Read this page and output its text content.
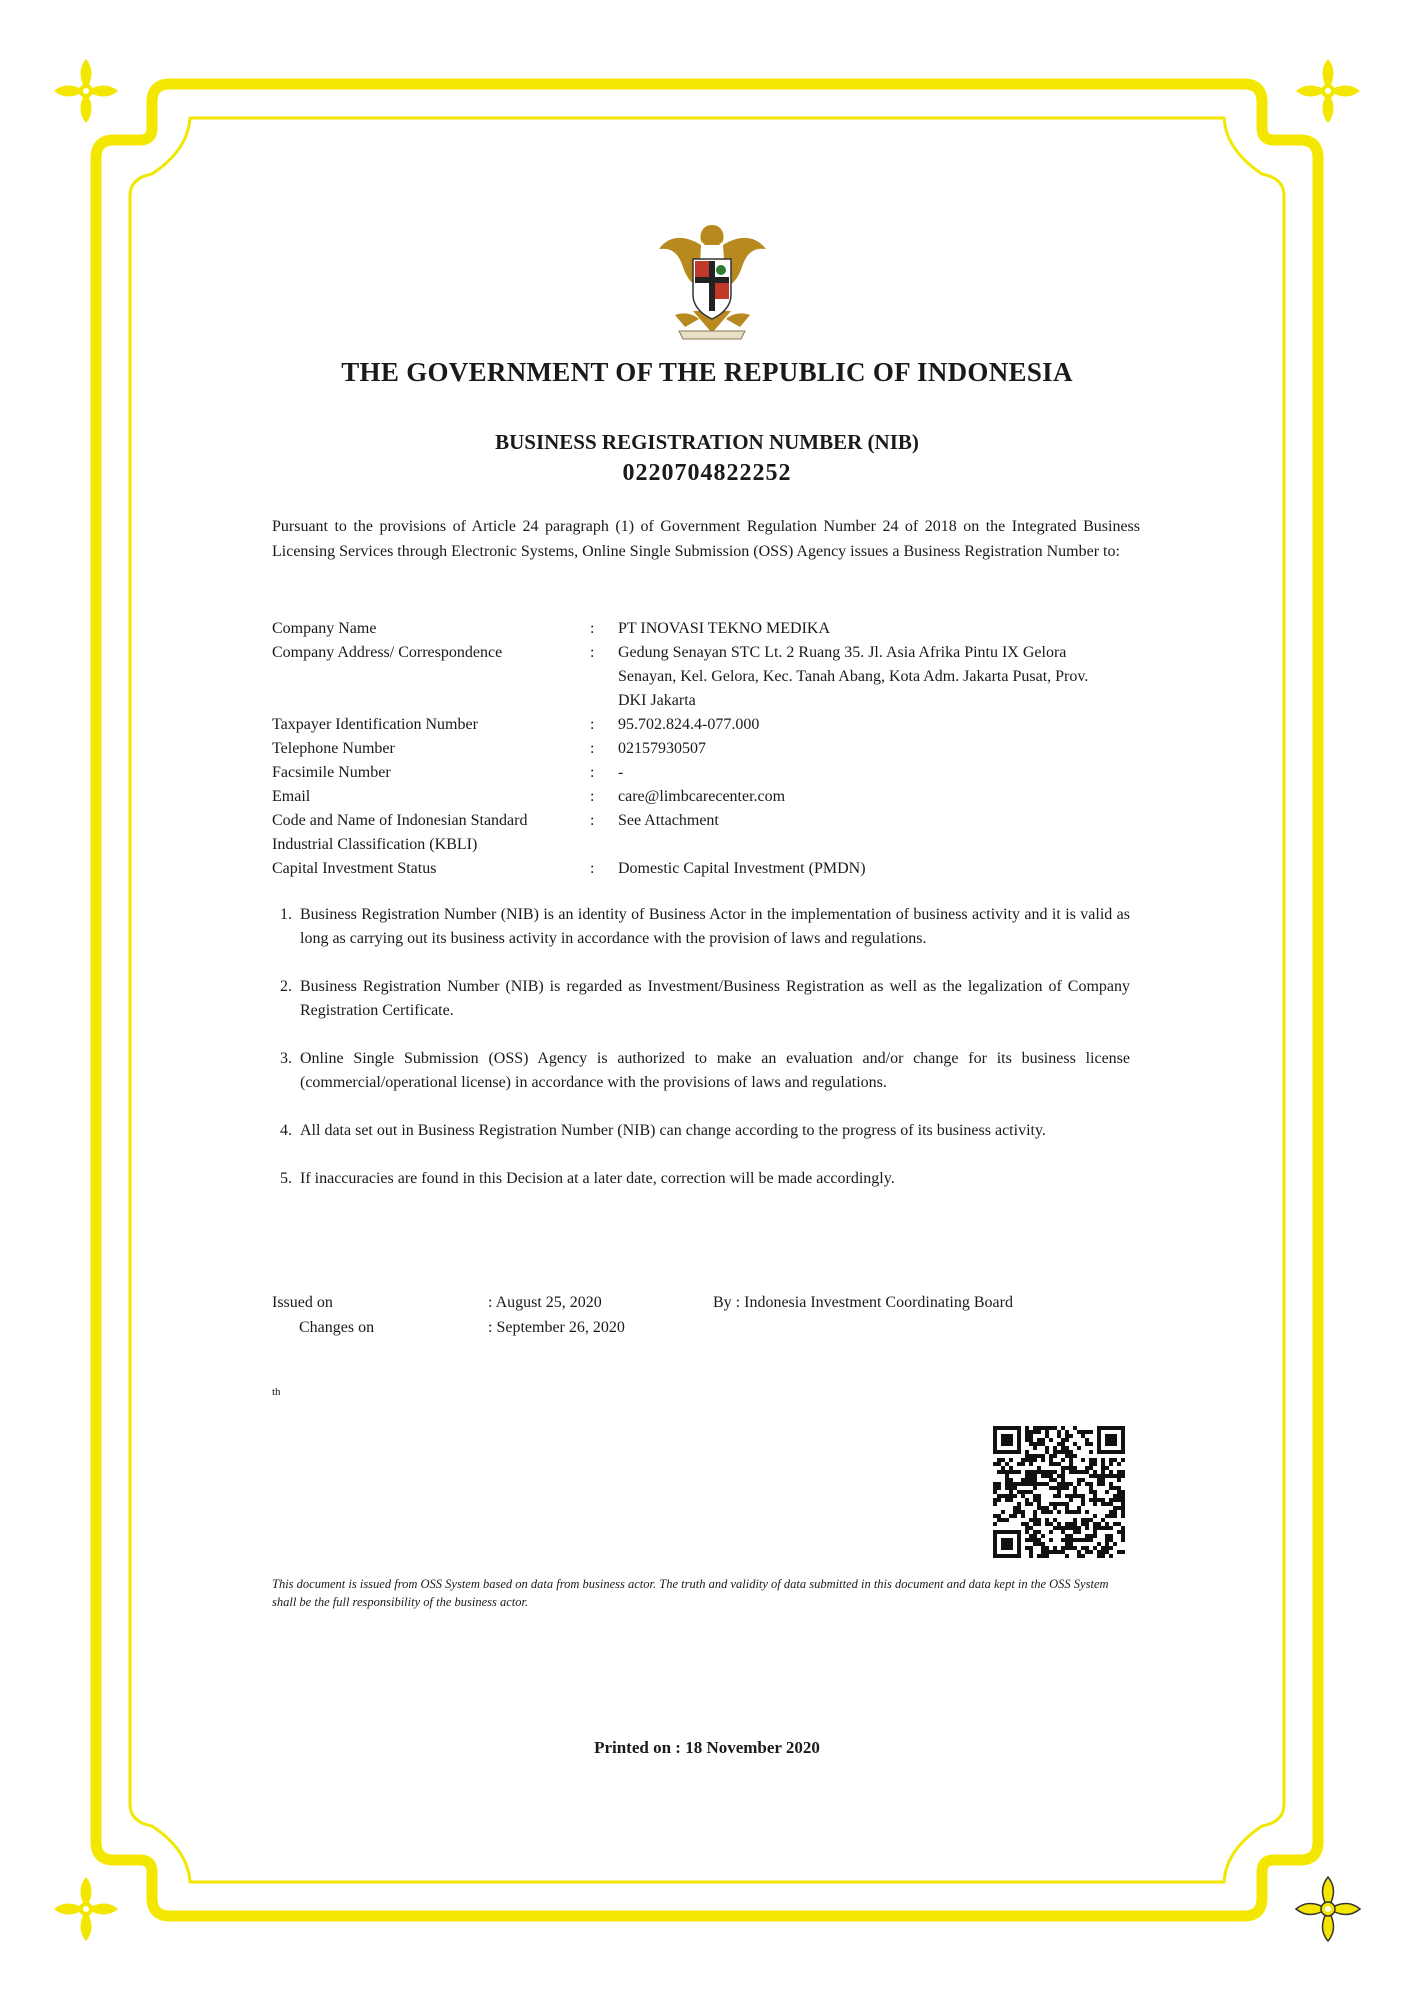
THE GOVERNMENT OF THE REPUBLIC OF INDONESIA
BUSINESS REGISTRATION NUMBER (NIB)
0220704822252
Pursuant to the provisions of Article 24 paragraph (1) of Government Regulation Number 24 of 2018 on the Integrated Business Licensing Services through Electronic Systems, Online Single Submission (OSS) Agency issues a Business Registration Number to:
Company Name	:	PT INOVASI TEKNO MEDIKA
Company Address/ Correspondence	:	Gedung Senayan STC Lt. 2 Ruang 35. Jl. Asia Afrika Pintu IX Gelora Senayan, Kel. Gelora, Kec. Tanah Abang, Kota Adm. Jakarta Pusat, Prov. DKI Jakarta
Taxpayer Identification Number	:	95.702.824.4-077.000
Telephone Number	:	02157930507
Facsimile Number	:	-
Email	:	care@limbcarecenter.com
Code and Name of Indonesian Standard Industrial Classification (KBLI)
:	See Attachment
Capital Investment Status	:	Domestic Capital Investment (PMDN)
1. Business Registration Number (NIB) is an identity of Business Actor in the implementation of business activity and it is valid as long as carrying out its business activity in accordance with the provision of laws and regulations.
2. Business Registration Number (NIB) is regarded as Investment/Business Registration as well as the legalization of Company Registration Certificate.
3. Online Single Submission (OSS) Agency is authorized to make an evaluation and/or change for its business license (commercial/operational license) in accordance with the provisions of laws and regulations.
4. All data set out in Business Registration Number (NIB) can change according to the progress of its business activity.
5. If inaccuracies are found in this Decision at a later date, correction will be made accordingly.
Issued on	: August 25, 2020	By : Indonesia Investment Coordinating Board
Changes on	: September 26, 2020
th
This document is issued from OSS System based on data from business actor. The truth and validity of data submitted in this document and data kept in the OSS System shall be the full responsibility of the business actor.
Printed on : 18 November 2020
